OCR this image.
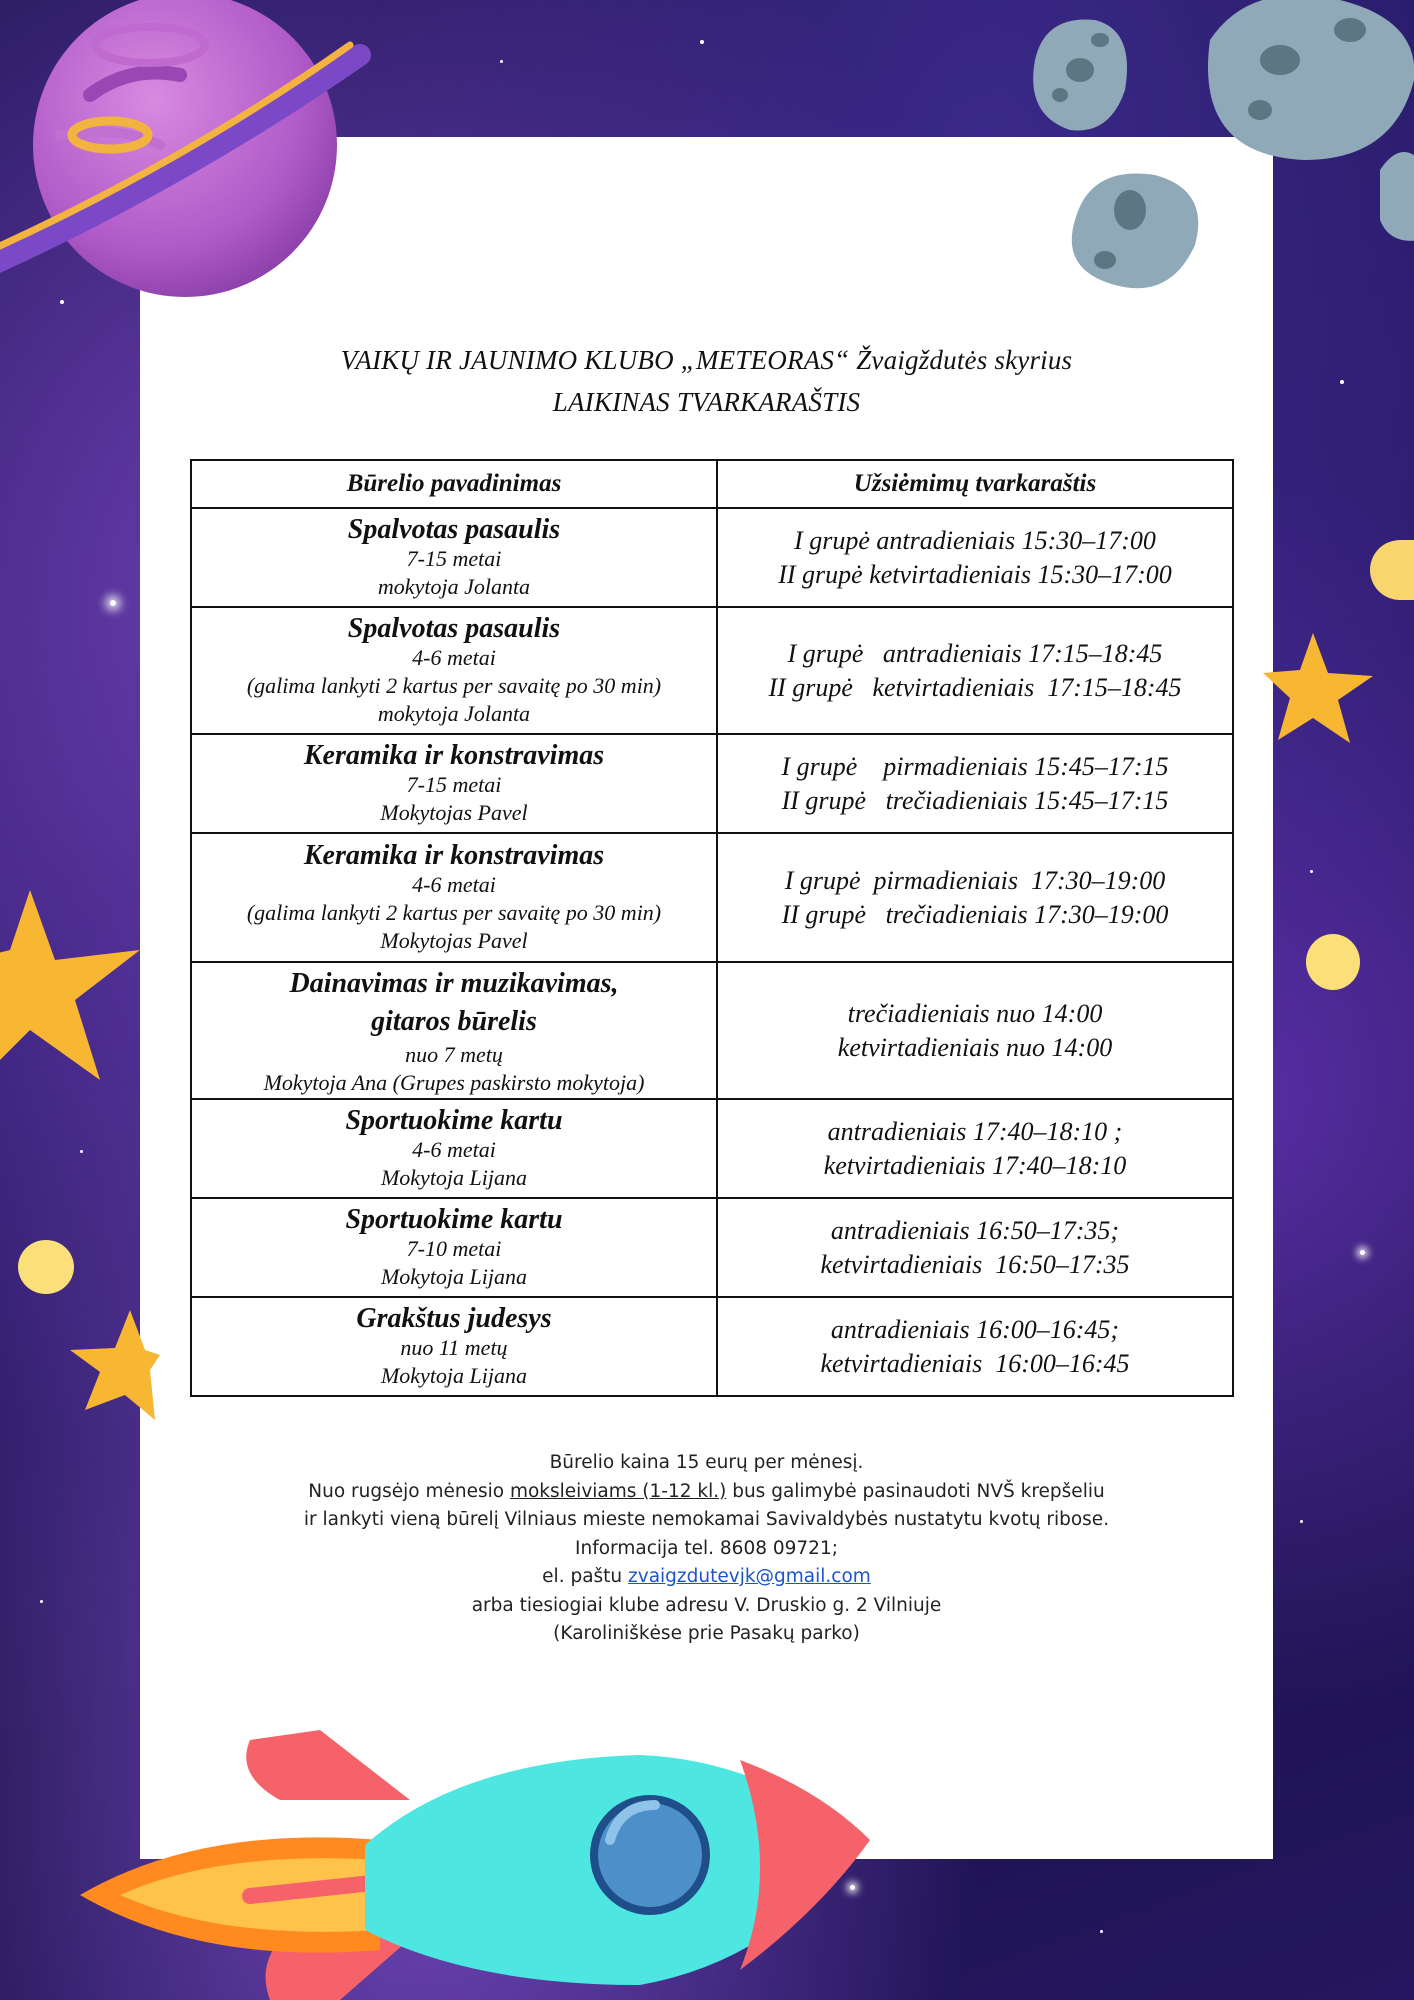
VAIKŲ IR JAUNIMO KLUBO „METEORAS“ Žvaigždutės skyrius
LAIKINAS TVARKARAŠTIS
Būrelio pavadinimas	Užsiėmimų tvarkaraštis

Spalvotas pasaulis
7-15 metai
mokytoja Jolanta	I grupė antradieniais 15:30–17:00
II grupė ketvirtadieniais 15:30–17:00

Spalvotas pasaulis
4-6 metai
(galima lankyti 2 kartus per savaitę po 30 min)
mokytoja Jolanta	I grupė   antradieniais 17:15–18:45
II grupė   ketvirtadieniais  17:15–18:45

Keramika ir konstravimas
7-15 metai
Mokytojas Pavel	I grupė    pirmadieniais 15:45–17:15
II grupė   trečiadieniais 15:45–17:15

Keramika ir konstravimas
4-6 metai
(galima lankyti 2 kartus per savaitę po 30 min)
Mokytojas Pavel	I grupė  pirmadieniais  17:30–19:00
II grupė   trečiadieniais 17:30–19:00

Dainavimas ir muzikavimas,
gitaros būrelis
nuo 7 metų
Mokytoja Ana (Grupes paskirsto mokytoja)	trečiadieniais nuo 14:00
ketvirtadieniais nuo 14:00

Sportuokime kartu
4-6 metai
Mokytoja Lijana	antradieniais 17:40–18:10 ;
ketvirtadieniais 17:40–18:10

Sportuokime kartu
7-10 metai
Mokytoja Lijana	antradieniais 16:50–17:35;
ketvirtadieniais  16:50–17:35

Grakštus judesys
nuo 11 metų
Mokytoja Lijana	antradieniais 16:00–16:45;
ketvirtadieniais  16:00–16:45
Būrelio kaina 15 eurų per mėnesį.
Nuo rugsėjo mėnesio moksleiviams (1-12 kl.) bus galimybė pasinaudoti NVŠ krepšeliu
ir lankyti vieną būrelį Vilniaus mieste nemokamai Savivaldybės nustatytu kvotų ribose.
Informacija tel. 8608 09721;
el. paštu zvaigzdutevjk@gmail.com
arba tiesiogiai klube adresu V. Druskio g. 2 Vilniuje
(Karoliniškėse prie Pasakų parko)
